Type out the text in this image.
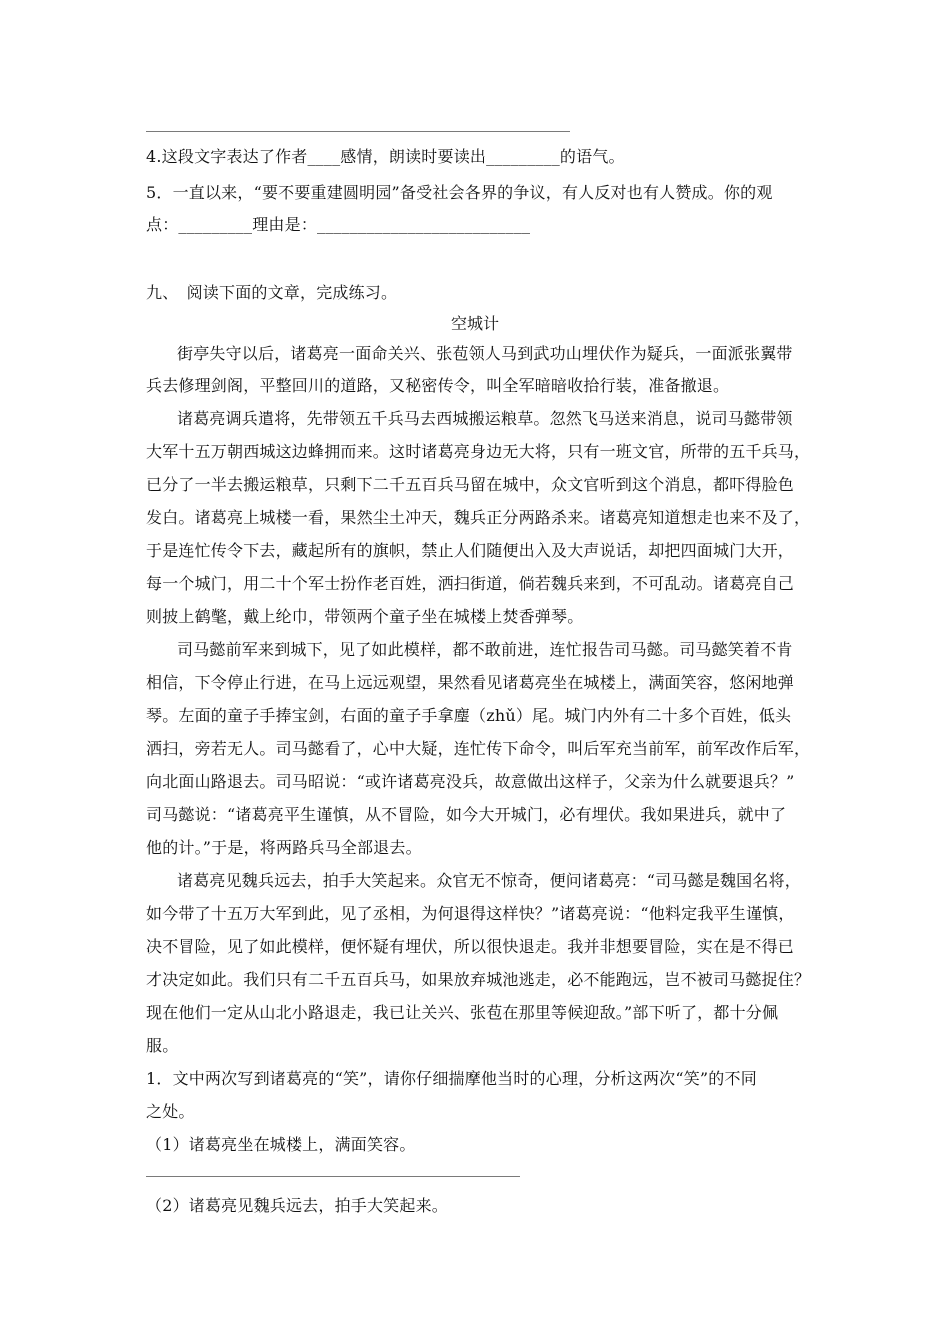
4.这段文字表达了作者____感情，朗读时要读出_________的语气。
5．一直以来，“要不要重建圆明园”备受社会各界的争议，有人反对也有人赞成。你的观
点：_________理由是：__________________________
九、　阅读下面的文章，完成练习。
空城计
街亭失守以后，诸葛亮一面命关兴、张苞领人马到武功山埋伏作为疑兵，一面派张翼带
兵去修理剑阁，平整回川的道路，又秘密传令，叫全军暗暗收拾行装，准备撤退。
诸葛亮调兵遣将，先带领五千兵马去西城搬运粮草。忽然飞马送来消息，说司马懿带领
大军十五万朝西城这边蜂拥而来。这时诸葛亮身边无大将，只有一班文官，所带的五千兵马，
已分了一半去搬运粮草，只剩下二千五百兵马留在城中，众文官听到这个消息，都吓得脸色
发白。诸葛亮上城楼一看，果然尘土冲天，魏兵正分两路杀来。诸葛亮知道想走也来不及了，
于是连忙传令下去，藏起所有的旗帜，禁止人们随便出入及大声说话，却把四面城门大开，
每一个城门，用二十个军士扮作老百姓，洒扫街道，倘若魏兵来到，不可乱动。诸葛亮自己
则披上鹤氅，戴上纶巾，带领两个童子坐在城楼上焚香弹琴。
司马懿前军来到城下，见了如此模样，都不敢前进，连忙报告司马懿。司马懿笑着不肯
相信，下令停止行进，在马上远远观望，果然看见诸葛亮坐在城楼上，满面笑容，悠闲地弹
琴。左面的童子手捧宝剑，右面的童子手拿麈（zhǔ）尾。城门内外有二十多个百姓，低头
洒扫，旁若无人。司马懿看了，心中大疑，连忙传下命令，叫后军充当前军，前军改作后军，
向北面山路退去。司马昭说：“或许诸葛亮没兵，故意做出这样子，父亲为什么就要退兵？”
司马懿说：“诸葛亮平生谨慎，从不冒险，如今大开城门，必有埋伏。我如果进兵，就中了
他的计。”于是，将两路兵马全部退去。
诸葛亮见魏兵远去，拍手大笑起来。众官无不惊奇，便问诸葛亮：“司马懿是魏国名将，
如今带了十五万大军到此，见了丞相，为何退得这样快？”诸葛亮说：“他料定我平生谨慎，
决不冒险，见了如此模样，便怀疑有埋伏，所以很快退走。我并非想要冒险，实在是不得已
才决定如此。我们只有二千五百兵马，如果放弃城池逃走，必不能跑远，岂不被司马懿捉住？
现在他们一定从山北小路退走，我已让关兴、张苞在那里等候迎敌。”部下听了，都十分佩
服。
1．文中两次写到诸葛亮的“笑”，请你仔细揣摩他当时的心理，分析这两次“笑”的不同
之处。
（1）诸葛亮坐在城楼上，满面笑容。
（2）诸葛亮见魏兵远去，拍手大笑起来。
